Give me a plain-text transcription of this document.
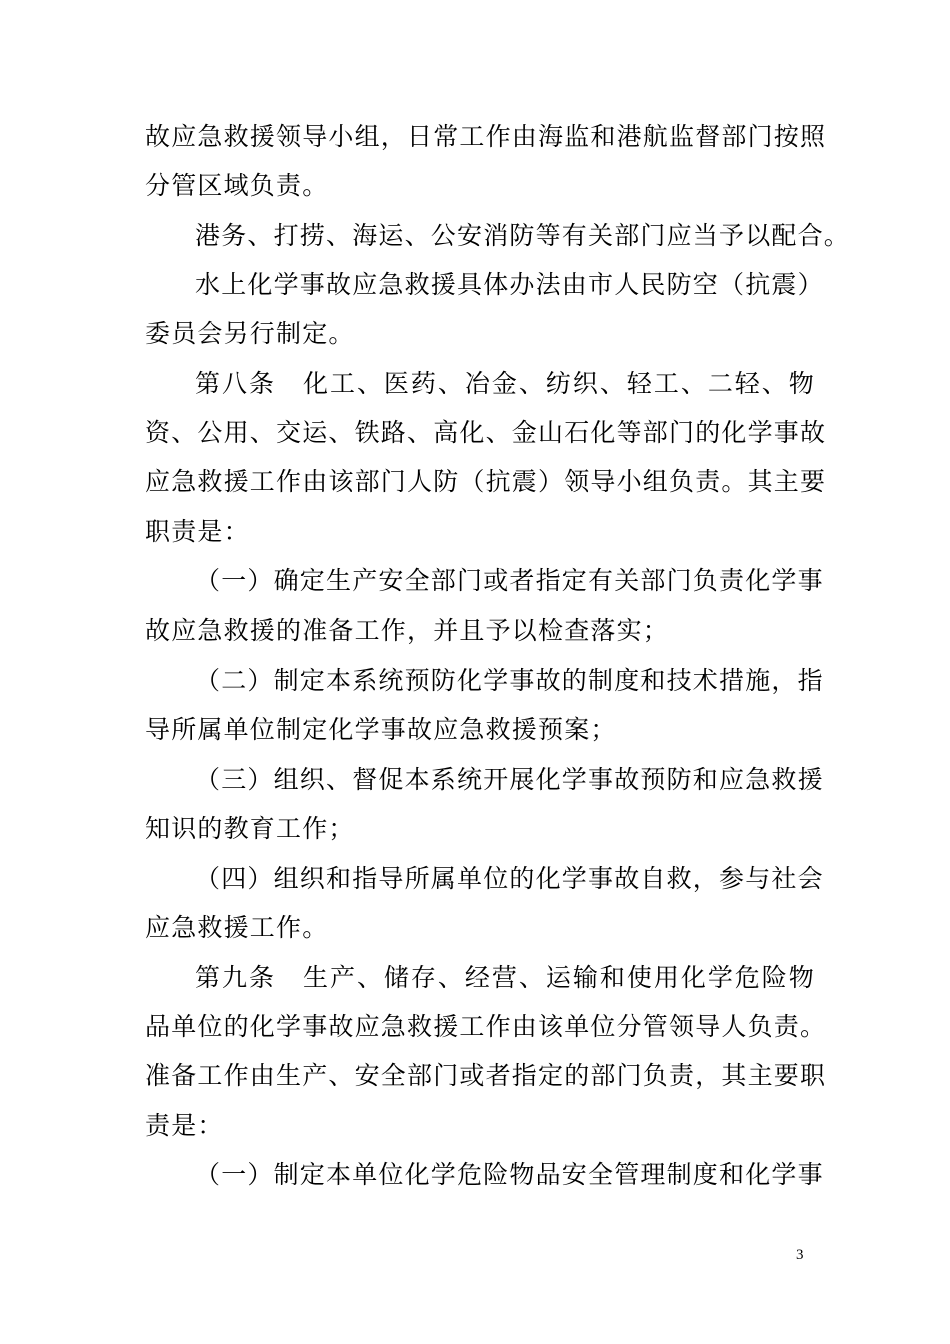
故应急救援领导小组，日常工作由海监和港航监督部门按照
分管区域负责。
港务、打捞、海运、公安消防等有关部门应当予以配合。
水上化学事故应急救援具体办法由市人民防空（抗震）
委员会另行制定。
第八条　化工、医药、冶金、纺织、轻工、二轻、物
资、公用、交运、铁路、高化、金山石化等部门的化学事故
应急救援工作由该部门人防（抗震）领导小组负责。其主要
职责是：
（一）确定生产安全部门或者指定有关部门负责化学事
故应急救援的准备工作，并且予以检查落实；
（二）制定本系统预防化学事故的制度和技术措施，指
导所属单位制定化学事故应急救援预案；
（三）组织、督促本系统开展化学事故预防和应急救援
知识的教育工作；
（四）组织和指导所属单位的化学事故自救，参与社会
应急救援工作。
第九条　生产、储存、经营、运输和使用化学危险物
品单位的化学事故应急救援工作由该单位分管领导人负责。
准备工作由生产、安全部门或者指定的部门负责，其主要职
责是：
（一）制定本单位化学危险物品安全管理制度和化学事
3
